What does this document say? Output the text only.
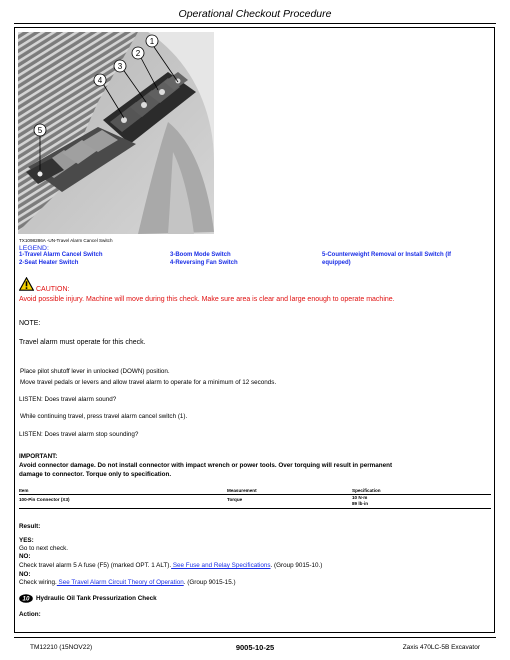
Operational Checkout Procedure
1
2
3
4
5
TX1098286A -UN-Travel Alarm Cancel Switch
LEGEND:
1-Travel Alarm Cancel Switch
2-Seat Heater Switch
3-Boom Mode Switch
4-Reversing Fan Switch
5-Counterweight Removal or Install Switch (If
equipped)
CAUTION:
Avoid possible injury. Machine will move during this check. Make sure area is clear and large enough to operate machine.
NOTE:
Travel alarm must operate for this check.
Place pilot shutoff lever in unlocked (DOWN) position.
Move travel pedals or levers and allow travel alarm to operate for a minimum of 12 seconds.
LISTEN: Does travel alarm sound?
While continuing travel, press travel alarm cancel switch (1).
LISTEN: Does travel alarm stop sounding?
IMPORTANT:
Avoid connector damage. Do not install connector with impact wrench or power tools. Over torquing will result in permanent
damage to connector. Torque only to specification.
Item	Measurement	Specification
100-Pin Connector (X3)	Torque	10 N·m
89 lb·in
Result:
YES:
Go to next check.
NO:
Check travel alarm 5 A fuse (F5) (marked OPT. 1 ALT). See Fuse and Relay Specifications. (Group 9015-10.)
NO:
Check wiring. See Travel Alarm Circuit Theory of Operation. (Group 9015-15.)
10 Hydraulic Oil Tank Pressurization Check
Action:
TM12210 (15NOV22)	9005-10-25	Zaxis 470LC-5B Excavator
